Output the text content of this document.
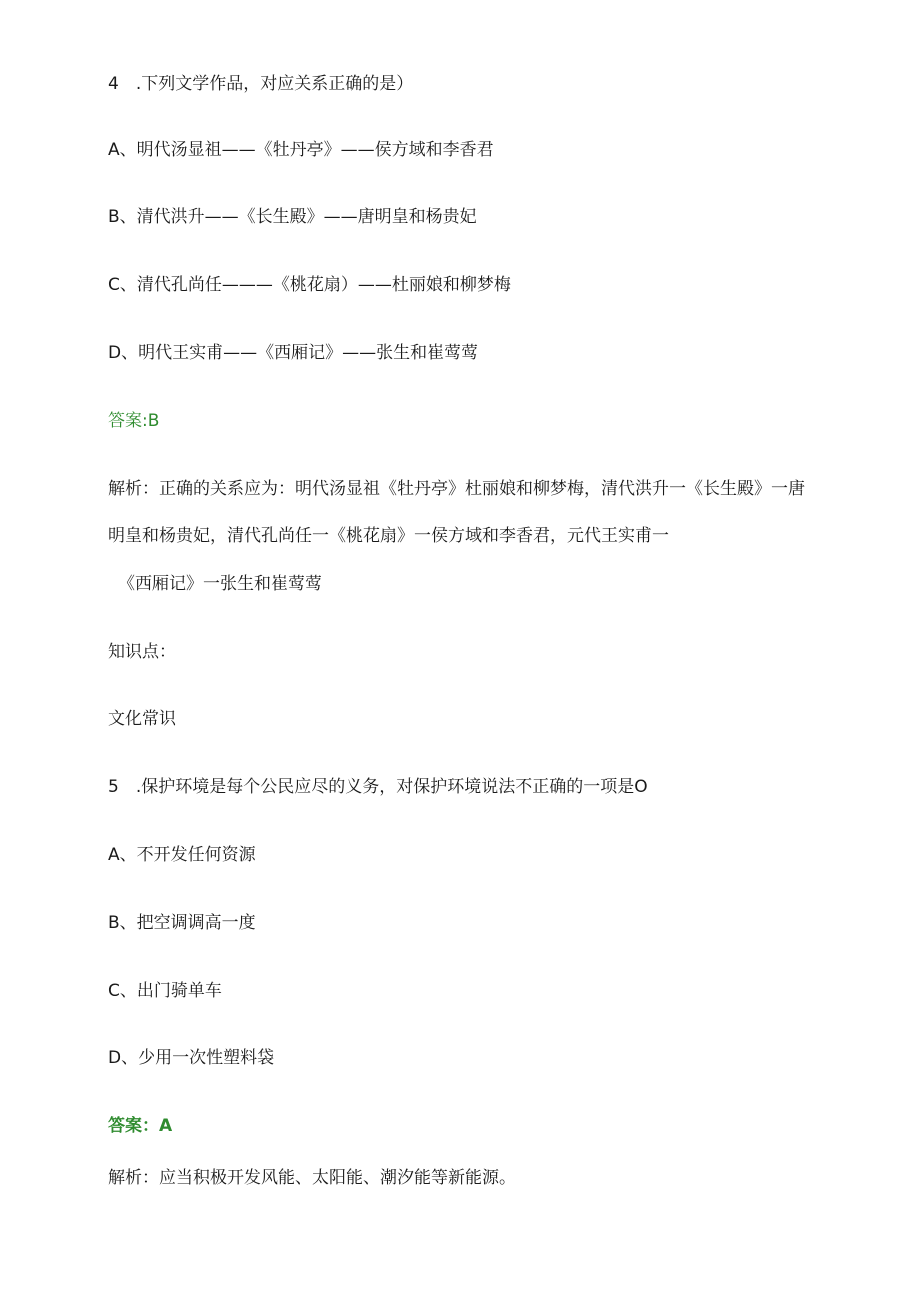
4　.下列文学作品，对应关系正确的是）
A、明代汤显祖——《牡丹亭》——侯方域和李香君
B、清代洪升——《长生殿》——唐明皇和杨贵妃
C、清代孔尚任———《桃花扇）——杜丽娘和柳梦梅
D、明代王实甫——《西厢记》——张生和崔莺莺
答案:B
解析：正确的关系应为：明代汤显祖《牡丹亭》杜丽娘和柳梦梅，清代洪升一《长生殿》一唐
明皇和杨贵妃，清代孔尚任一《桃花扇》一侯方域和李香君，元代王实甫一
《西厢记》一张生和崔莺莺
知识点：
文化常识
5　.保护环境是每个公民应尽的义务，对保护环境说法不正确的一项是O
A、不开发任何资源
B、把空调调高一度
C、出门骑单车
D、少用一次性塑料袋
答案：A
解析：应当积极开发风能、太阳能、潮汐能等新能源。
